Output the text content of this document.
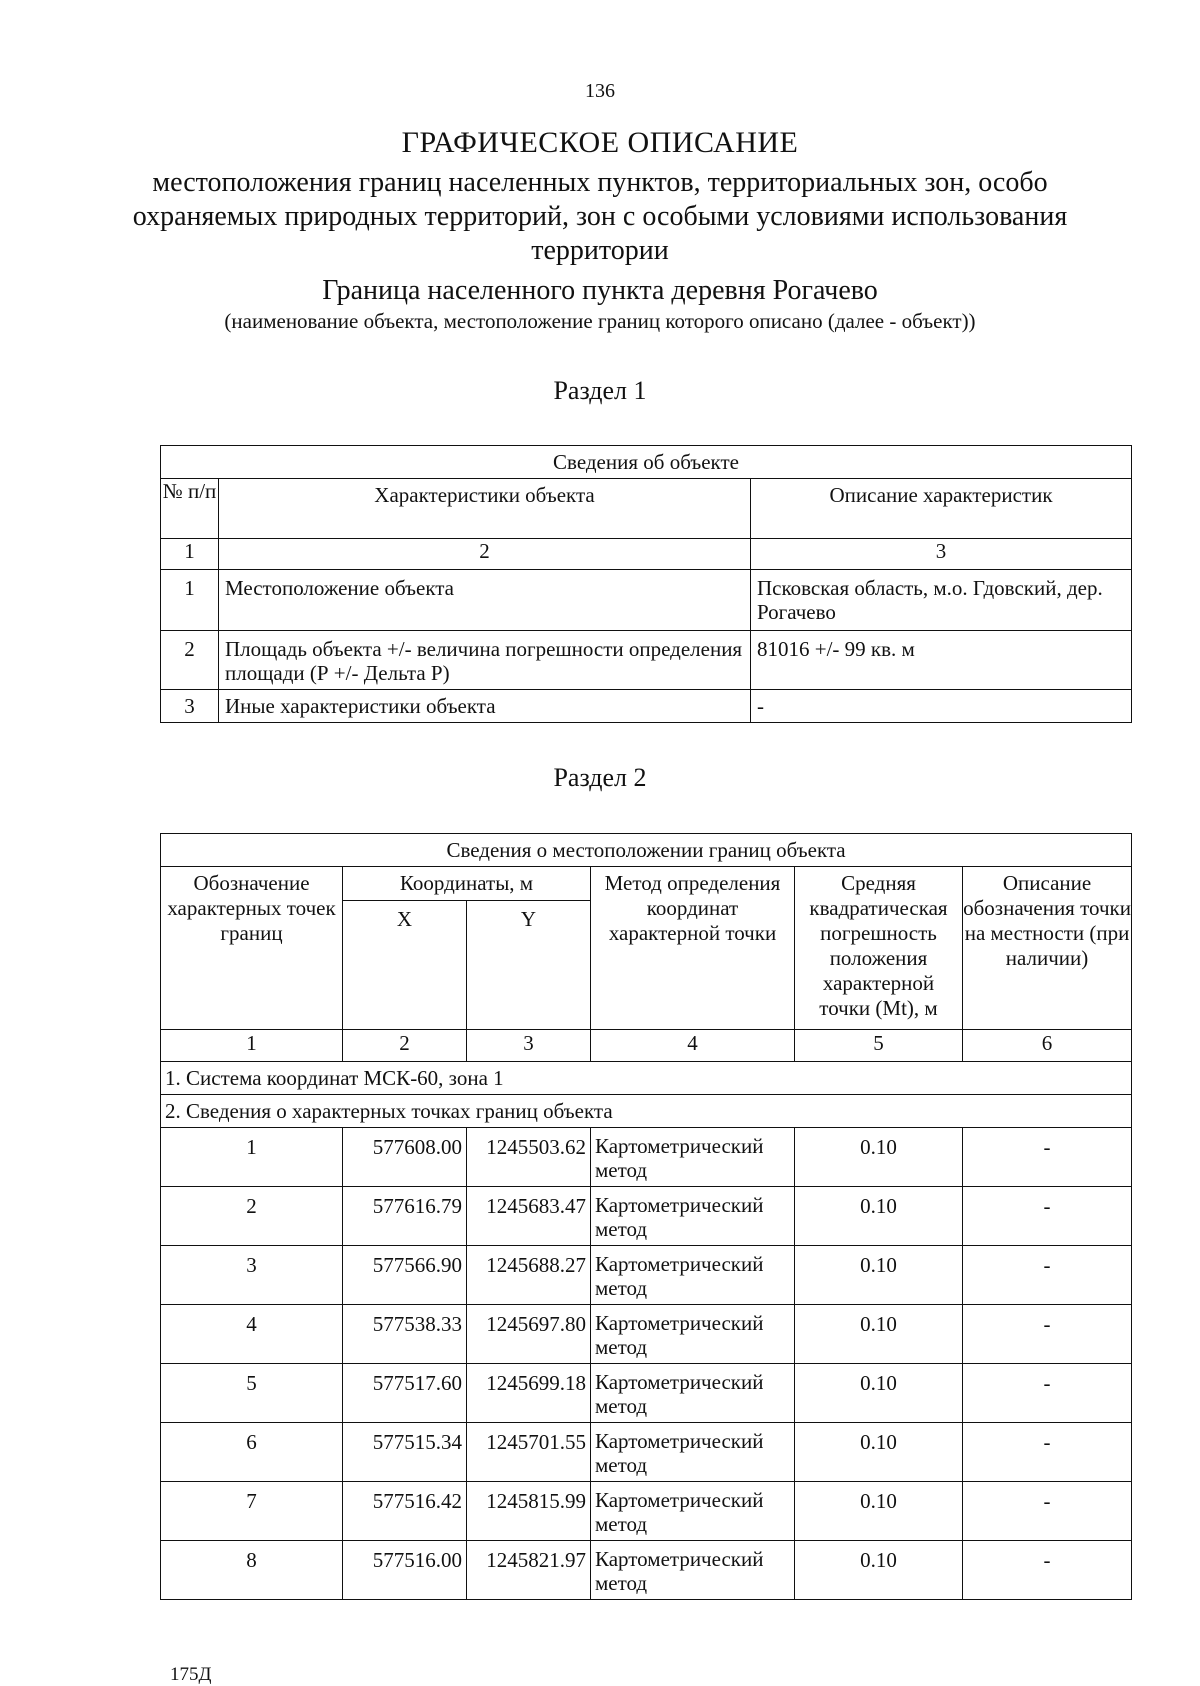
136
ГРАФИЧЕСКОЕ ОПИСАНИЕ
местоположения границ населенных пунктов, территориальных зон, особо охраняемых природных территорий, зон с особыми условиями использования территории
Граница населенного пункта деревня Рогачево
(наименование объекта, местоположение границ которого описано (далее - объект))
Раздел 1
Сведения об объекте		
№ п/п	Характеристики объекта	Описание характеристик
1	2	3
1	Местоположение объекта	Псковская область, м.о. Гдовский, дер. Рогачево
2	Площадь объекта +/- величина погрешности определения площади (Р +/- Дельта Р)	81016 +/- 99 кв. м
3	Иные характеристики объекта	-
Раздел 2
Сведения о местоположении границ объекта					
Обозначение характерных точек границ	Координаты, м		Метод определения координат характерной точки	Средняя квадратическая погрешность положения характерной точки (Mt), м	Описание обозначения точки на местности (при наличии)
	X	Y			
1	2	3	4	5	6
1. Система координат МСК-60, зона 1					
2. Сведения о характерных точках границ объекта					
1	577608.00	1245503.62	Картометрический метод	0.10	-
2	577616.79	1245683.47	Картометрический метод	0.10	-
3	577566.90	1245688.27	Картометрический метод	0.10	-
4	577538.33	1245697.80	Картометрический метод	0.10	-
5	577517.60	1245699.18	Картометрический метод	0.10	-
6	577515.34	1245701.55	Картометрический метод	0.10	-
7	577516.42	1245815.99	Картометрический метод	0.10	-
8	577516.00	1245821.97	Картометрический метод	0.10	-
175Д
